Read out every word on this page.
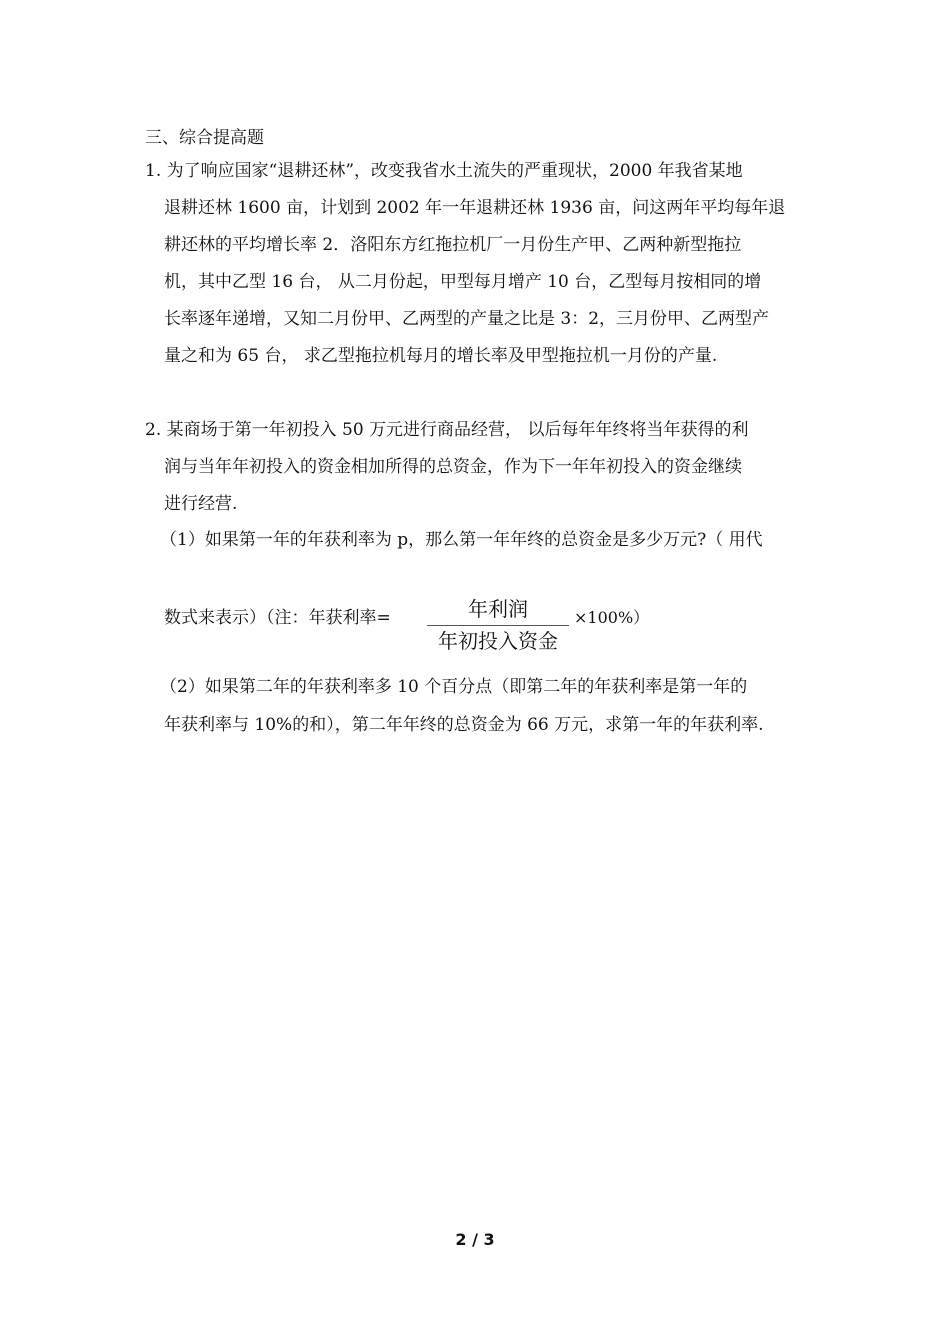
三、综合提高题
1. 为了响应国家“退耕还林”，改变我省水土流失的严重现状，2000 年我省某地
退耕还林 1600 亩，计划到 2002 年一年退耕还林 1936 亩，问这两年平均每年退
耕还林的平均增长率 2．洛阳东方红拖拉机厂一月份生产甲、乙两种新型拖拉
机，其中乙型 16 台， 从二月份起，甲型每月增产 10 台，乙型每月按相同的增
长率逐年递增，又知二月份甲、乙两型的产量之比是 3：2，三月份甲、乙两型产
量之和为 65 台， 求乙型拖拉机每月的增长率及甲型拖拉机一月份的产量.
2. 某商场于第一年初投入 50 万元进行商品经营， 以后每年年终将当年获得的利
润与当年年初投入的资金相加所得的总资金，作为下一年年初投入的资金继续
进行经营.
（1）如果第一年的年获利率为 p，那么第一年年终的总资金是多少万元?（ 用代
数式来表示）（注：年获利率=	年利润
年初投入资金
×100%）
（2）如果第二年的年获利率多 10 个百分点（即第二年的年获利率是第一年的
年获利率与 10%的和），第二年年终的总资金为 66 万元，求第一年的年获利率.
2 / 3
